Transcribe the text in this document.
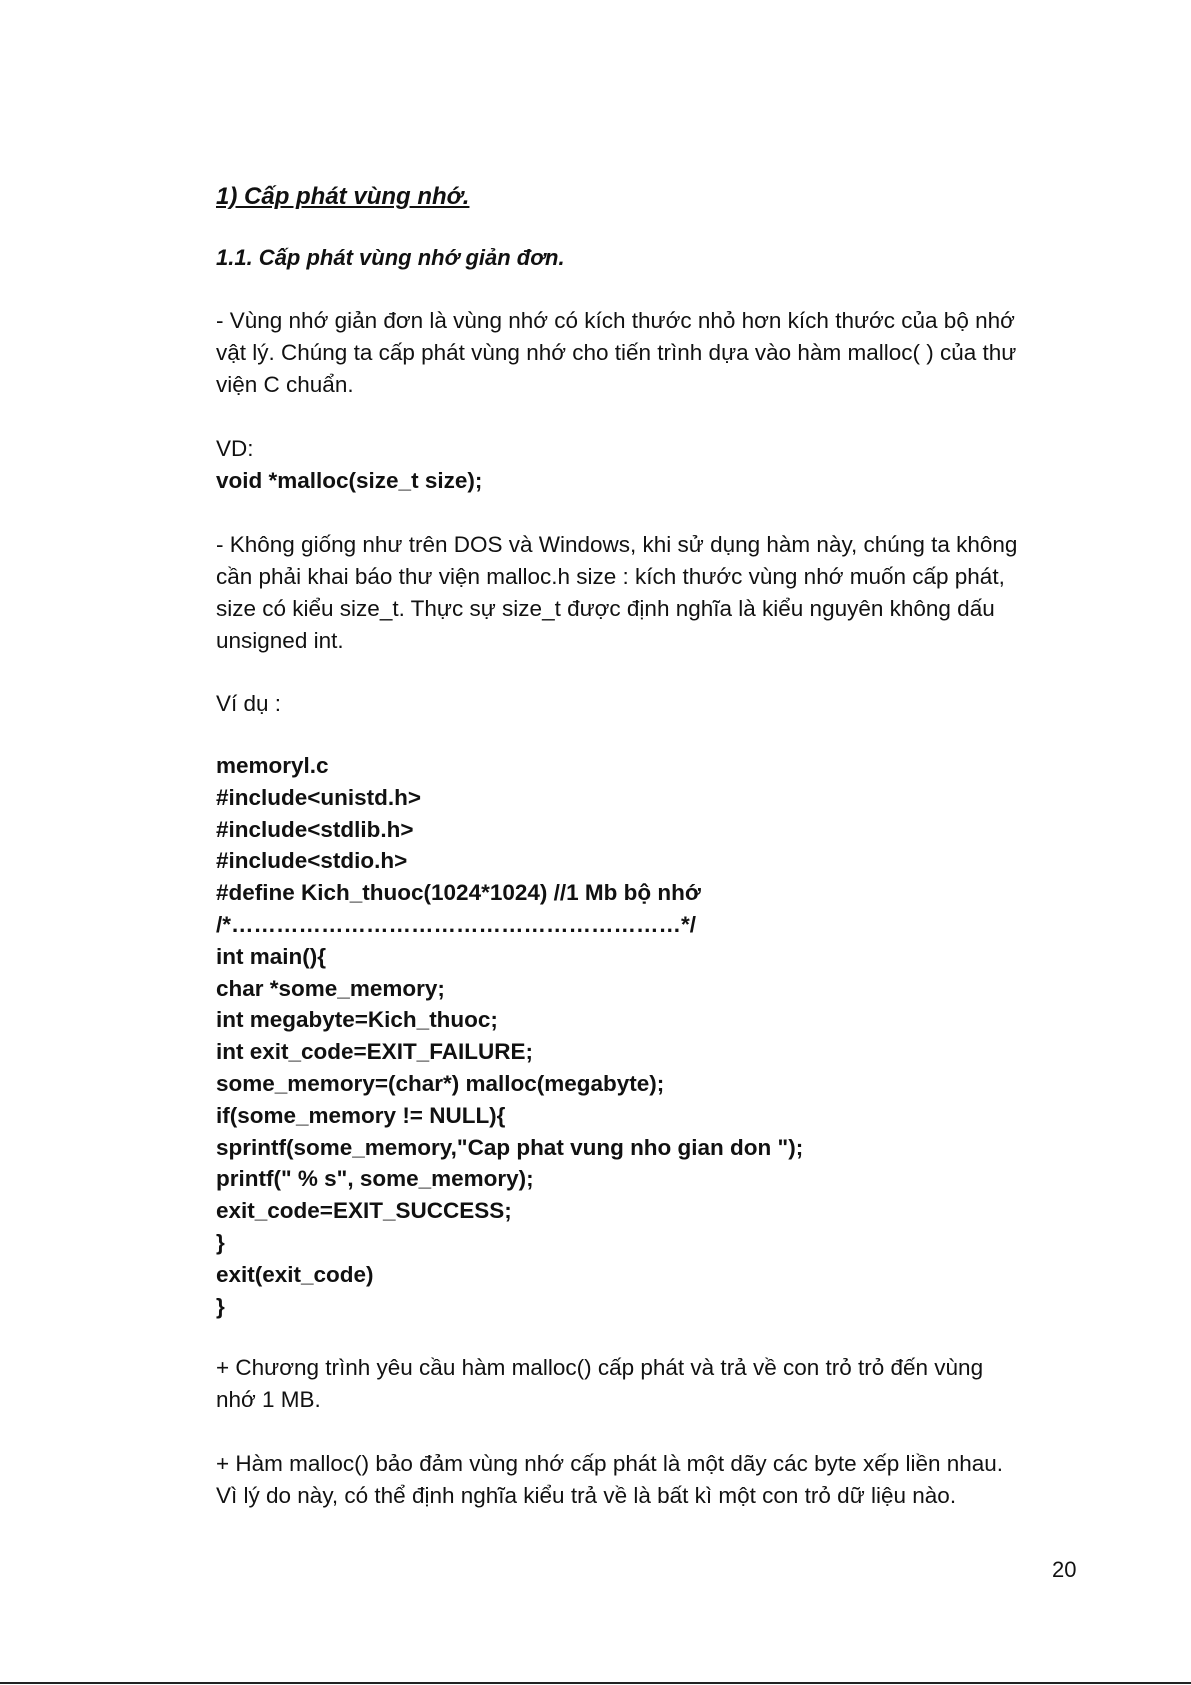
1) Cấp phát vùng nhớ.
1.1. Cấp phát vùng nhớ giản đơn.
- Vùng nhớ giản đơn là vùng nhớ có kích thước nhỏ hơn kích thước của bộ nhớ
vật lý. Chúng ta cấp phát vùng nhớ cho tiến trình dựa vào hàm malloc( ) của thư
viện C chuẩn.
VD:
void *malloc(size_t size);
- Không giống như trên DOS và Windows, khi sử dụng hàm này, chúng ta không
cần phải khai báo thư viện malloc.h size : kích thước vùng nhớ muốn cấp phát,
size có kiểu size_t. Thực sự size_t được định nghĩa là kiểu nguyên không dấu
unsigned int.
Ví dụ :
memoryl.c
#include<unistd.h>
#include<stdlib.h>
#include<stdio.h>
#define Kich_thuoc(1024*1024) //1 Mb bộ nhớ
/*……………………………………………………*/
int main(){
char *some_memory;
int megabyte=Kich_thuoc;
int exit_code=EXIT_FAILURE;
some_memory=(char*) malloc(megabyte);
if(some_memory != NULL){
sprintf(some_memory,"Cap phat vung nho gian don ");
printf(" % s", some_memory);
exit_code=EXIT_SUCCESS;
}
exit(exit_code)
}
+ Chương trình yêu cầu hàm malloc() cấp phát và trả về con trỏ trỏ đến vùng
nhớ 1 MB.
+ Hàm malloc() bảo đảm vùng nhớ cấp phát là một dãy các byte xếp liền nhau.
Vì lý do này, có thể định nghĩa kiểu trả về là bất kì một con trỏ dữ liệu nào.
20
